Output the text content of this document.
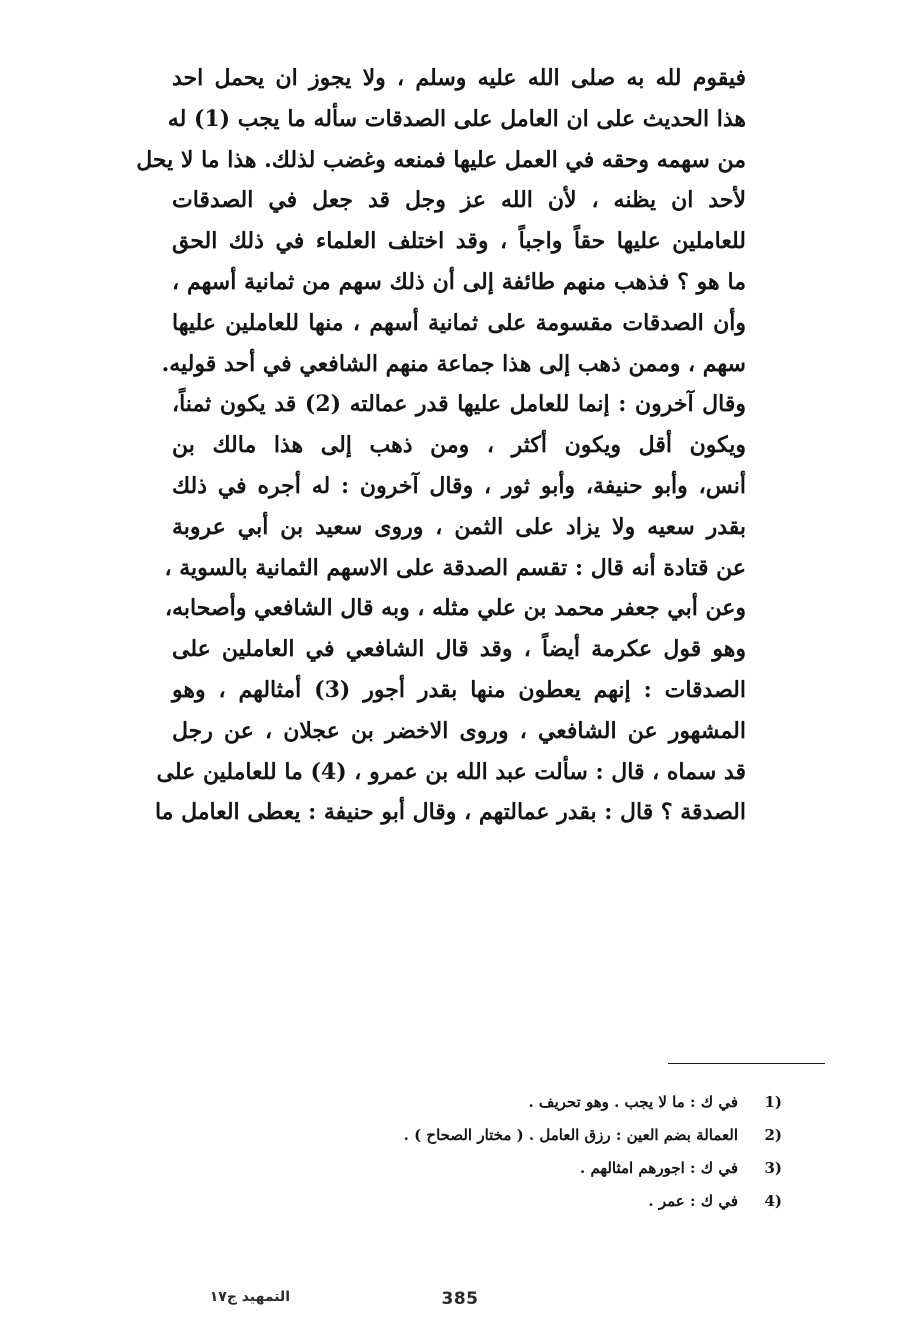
فيقوم لله به صلى الله عليه وسلم ، ولا يجوز ان يحمل احد
هذا الحديث على ان العامل على الصدقات سأله ما يجب (1) له
من سهمه وحقه في العمل عليها فمنعه وغضب لذلك. هذا ما لا يحل
لأحد ان يظنه ، لأن الله عز وجل قد جعل في الصدقات
للعاملين عليها حقاً واجباً ، وقد اختلف العلماء في ذلك الحق
ما هو ؟ فذهب منهم طائفة إلى أن ذلك سهم من ثمانية أسهم ،
وأن الصدقات مقسومة على ثمانية أسهم ، منها للعاملين عليها
سهم ، وممن ذهب إلى هذا جماعة منهم الشافعي في أحد قوليه.
وقال آخرون : إنما للعامل عليها قدر عمالته (2) قد يكون ثمناً،
ويكون أقل ويكون أكثر ، ومن ذهب إلى هذا مالك بن
أنس، وأبو حنيفة، وأبو ثور ، وقال آخرون : له أجره في ذلك
بقدر سعيه ولا يزاد على الثمن ، وروى سعيد بن أبي عروبة
عن قتادة أنه قال : تقسم الصدقة على الاسهم الثمانية بالسوية ،
وعن أبي جعفر محمد بن علي مثله ، وبه قال الشافعي وأصحابه،
وهو قول عكرمة أيضاً ، وقد قال الشافعي في العاملين على
الصدقات : إنهم يعطون منها بقدر أجور (3) أمثالهم ، وهو
المشهور عن الشافعي ، وروى الاخضر بن عجلان ، عن رجل
قد سماه ، قال : سألت عبد الله بن عمرو ، (4) ما للعاملين على
الصدقة ؟ قال : بقدر عمالتهم ، وقال أبو حنيفة : يعطى العامل ما
1)
في ك : ما لا يجب . وهو تحريف .
2)
العمالة بضم العين : رزق العامل . ( مختار الصحاح ) .
3)
في ك : اجورهم امثالهم .
4)
في ك : عمر .
385
التمهيد ج١٧
